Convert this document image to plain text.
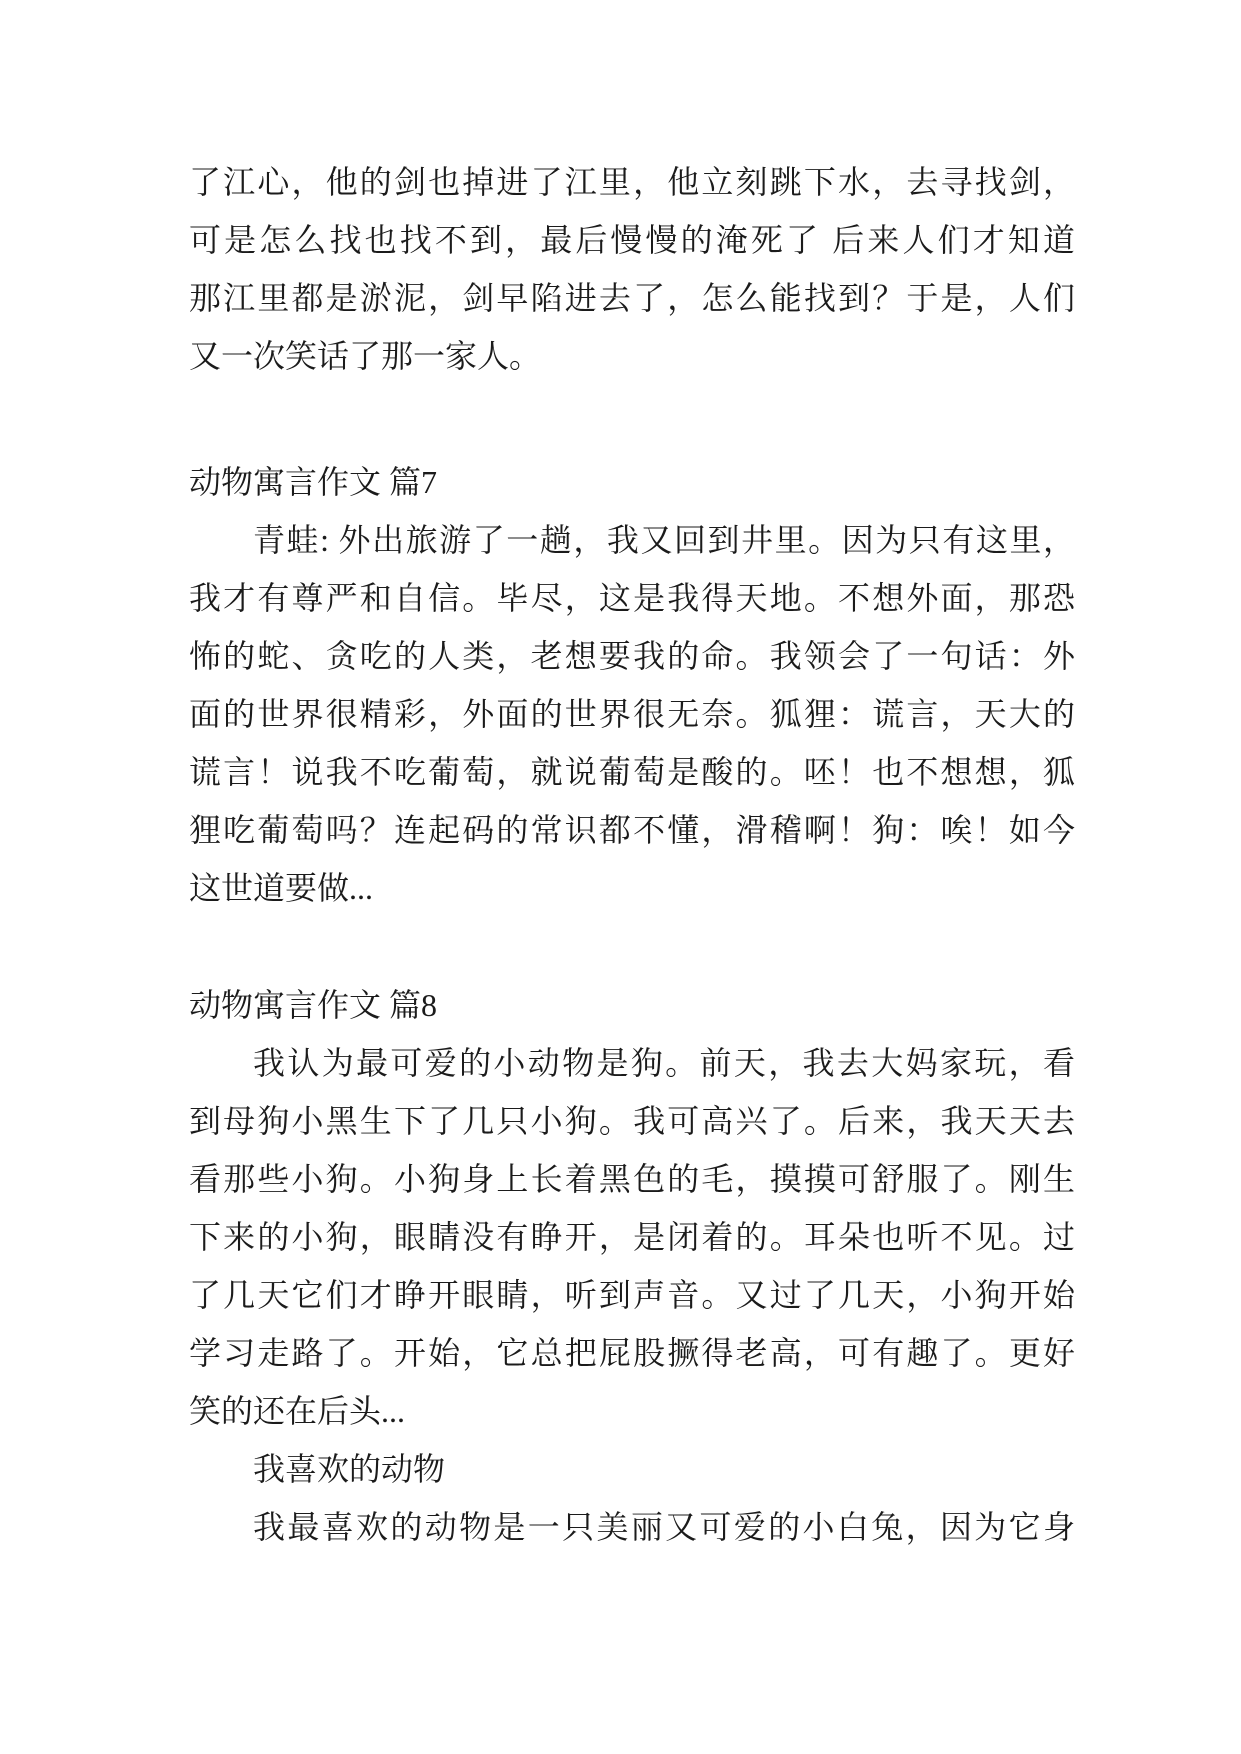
了江心，他的剑也掉进了江里，他立刻跳下水，去寻找剑，
可是怎么找也找不到，最后慢慢的淹死了 后来人们才知道
那江里都是淤泥，剑早陷进去了，怎么能找到？于是，人们
又一次笑话了那一家人。
动物寓言作文 篇7
青蛙: 外出旅游了一趟，我又回到井里。因为只有这里，
我才有尊严和自信。毕尽，这是我得天地。不想外面，那恐
怖的蛇、贪吃的人类，老想要我的命。我领会了一句话：外
面的世界很精彩，外面的世界很无奈。狐狸：谎言，天大的
谎言！说我不吃葡萄，就说葡萄是酸的。呸！也不想想，狐
狸吃葡萄吗？连起码的常识都不懂，滑稽啊！狗：唉！如今
这世道要做...
动物寓言作文 篇8
我认为最可爱的小动物是狗。前天，我去大妈家玩，看
到母狗小黑生下了几只小狗。我可高兴了。后来，我天天去
看那些小狗。小狗身上长着黑色的毛，摸摸可舒服了。刚生
下来的小狗，眼睛没有睁开，是闭着的。耳朵也听不见。过
了几天它们才睁开眼睛，听到声音。又过了几天，小狗开始
学习走路了。开始，它总把屁股撅得老高，可有趣了。更好
笑的还在后头...
我喜欢的动物
我最喜欢的动物是一只美丽又可爱的小白兔，因为它身
